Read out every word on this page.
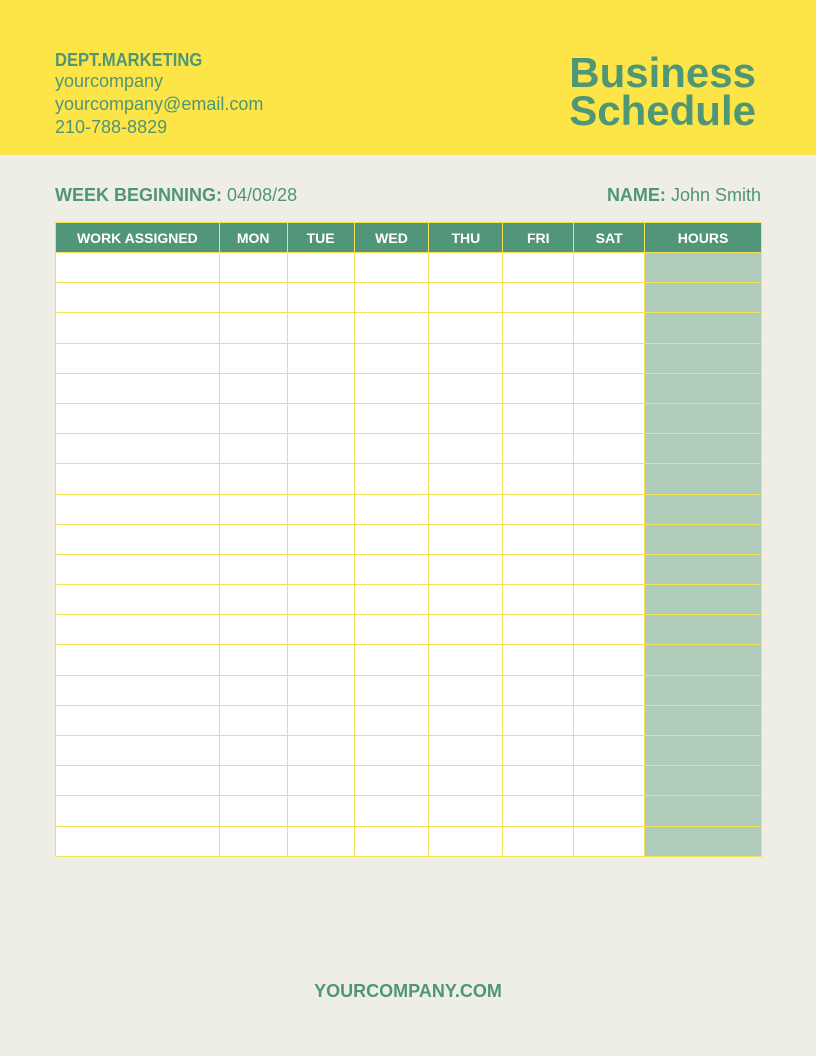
DEPT.MARKETING
yourcompany
yourcompany@email.com
210-788-8829
Business
Schedule
WEEK BEGINNING: 04/08/28	NAME: John Smith
WORK ASSIGNED	MON	TUE	WED	THU	FRI	SAT	HOURS

YOURCOMPANY.COM
